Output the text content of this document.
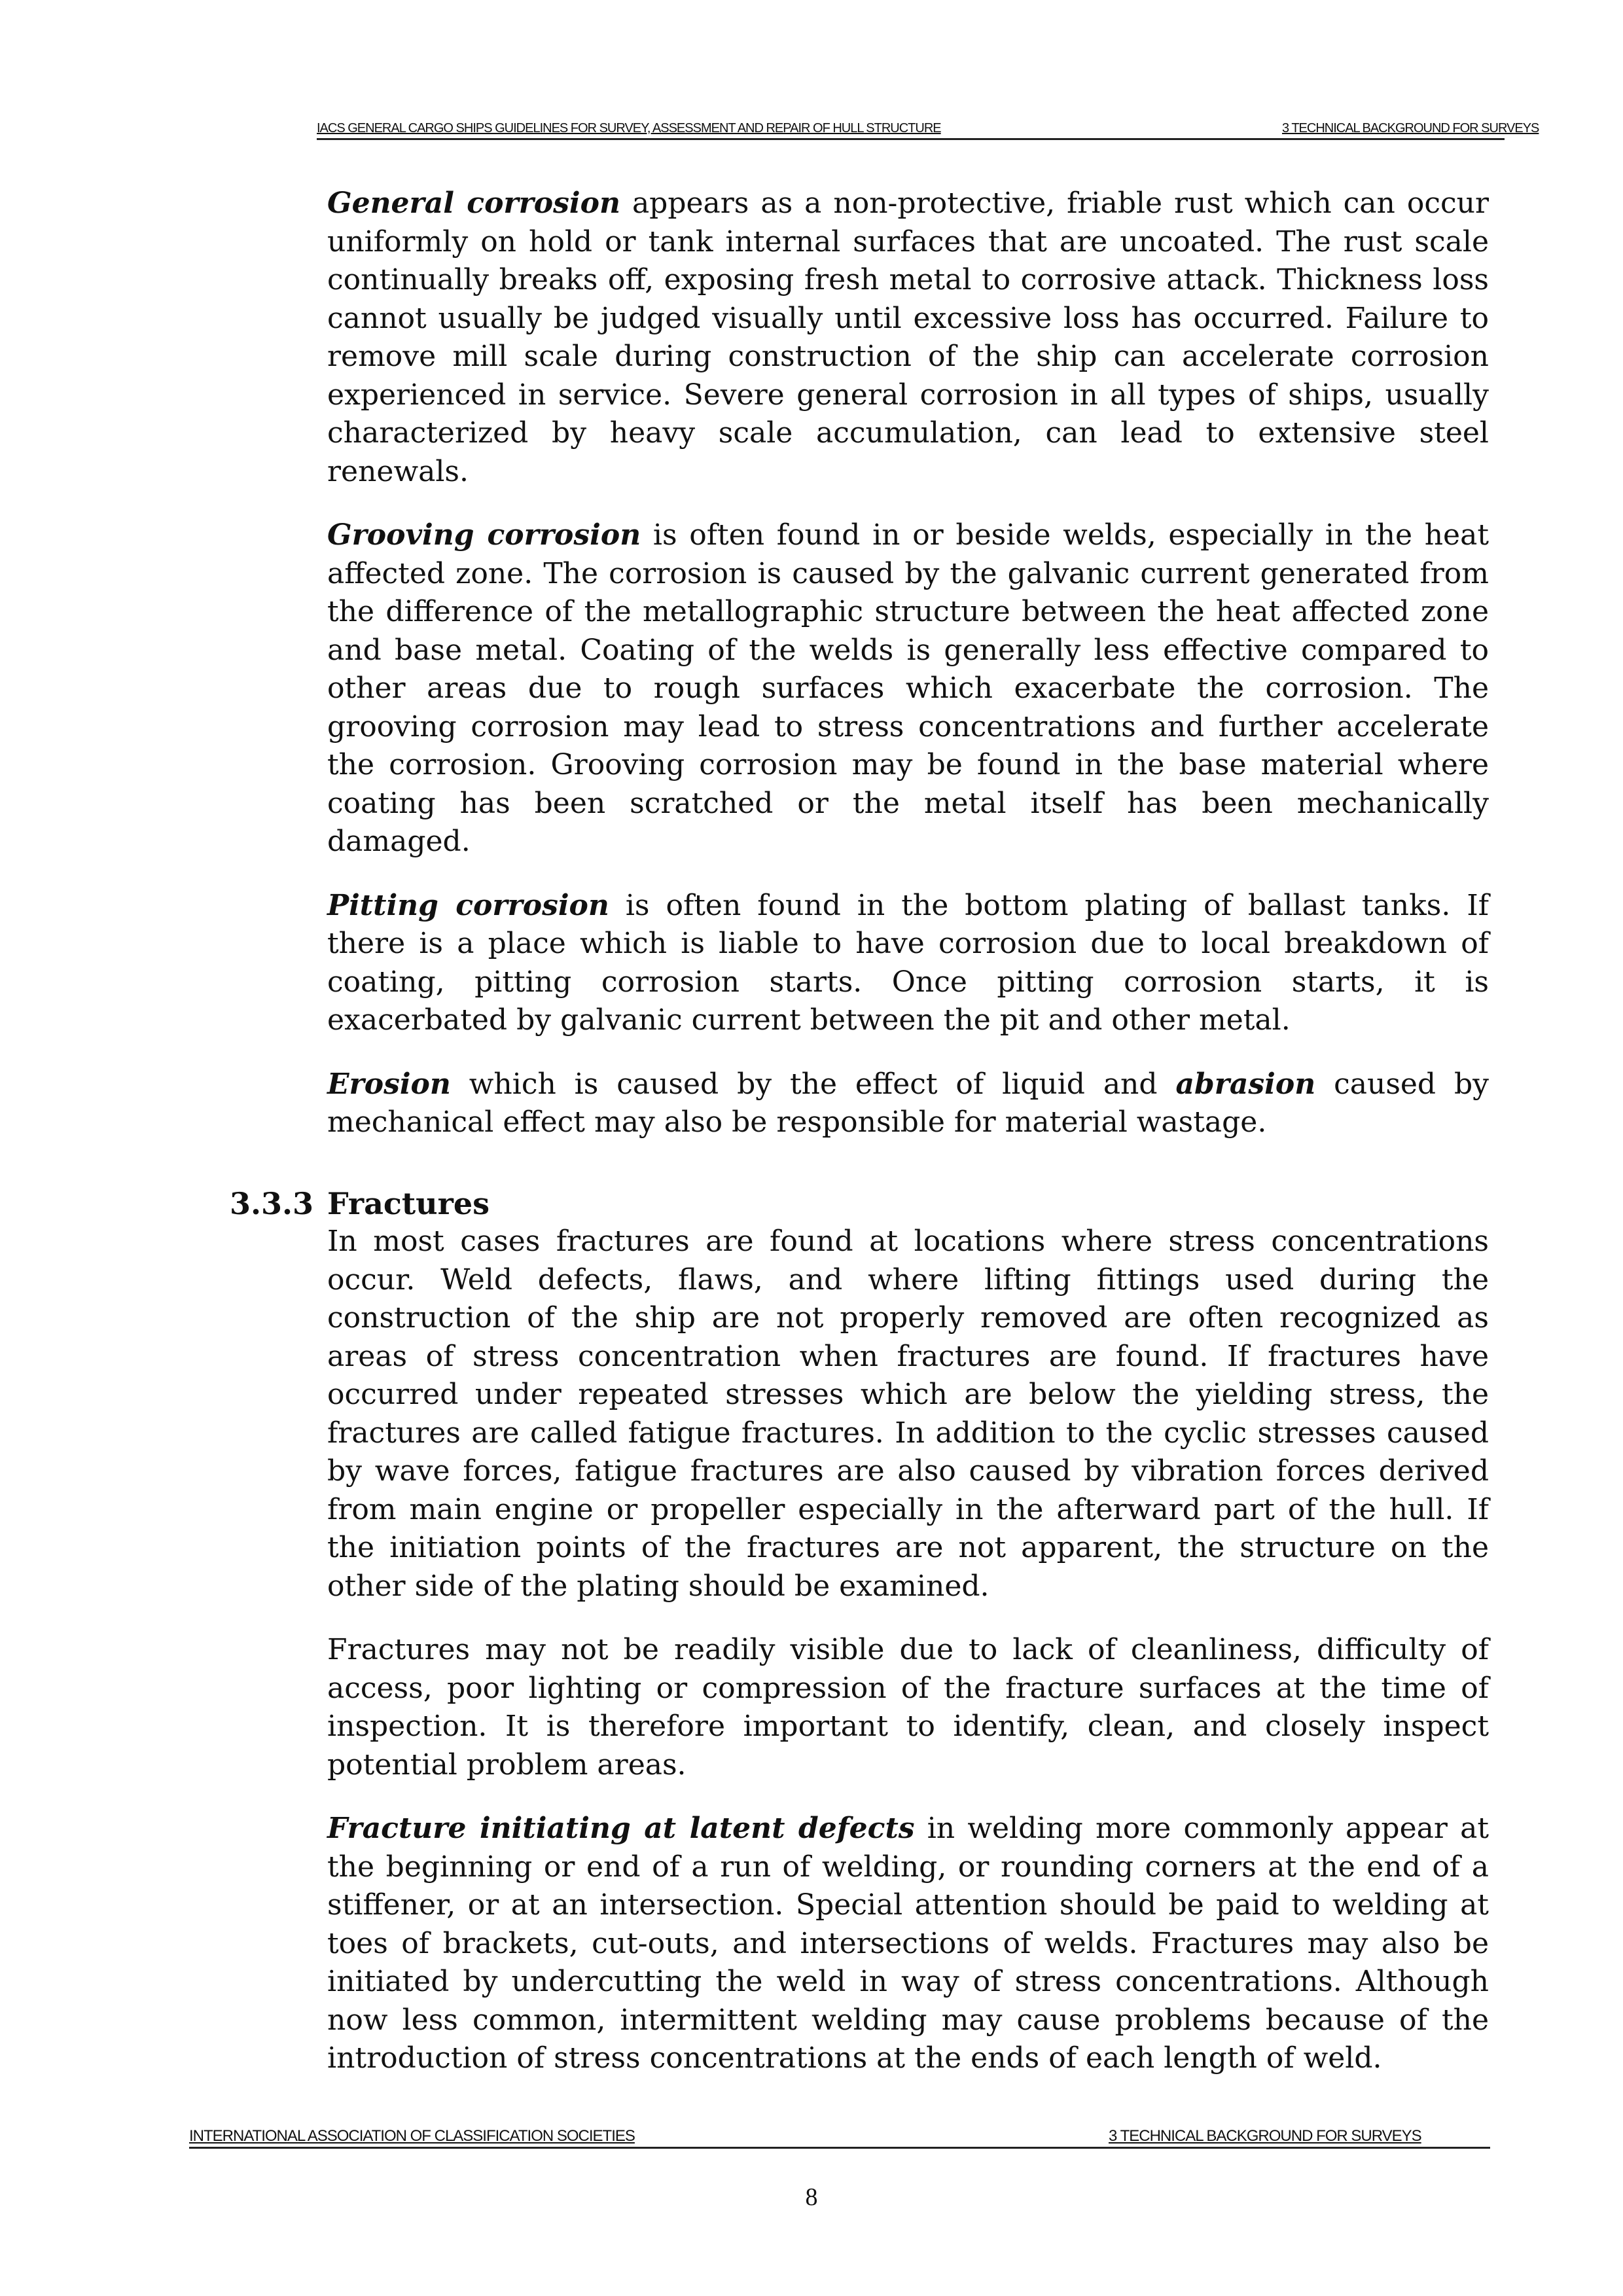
IACS GENERAL CARGO SHIPS GUIDELINES FOR SURVEY, ASSESSMENT AND REPAIR OF HULL STRUCTURE	3 TECHNICAL BACKGROUND FOR SURVEYS

General corrosion appears as a non-protective, friable rust which can occur uniformly on hold or tank internal surfaces that are uncoated. The rust scale continually breaks off, exposing fresh metal to corrosive attack. Thickness loss cannot usually be judged visually until excessive loss has occurred. Failure to remove mill scale during construction of the ship can accelerate corrosion experienced in service. Severe general corrosion in all types of ships, usually characterized by heavy scale accumulation, can lead to extensive steel renewals.

Grooving corrosion is often found in or beside welds, especially in the heat affected zone. The corrosion is caused by the galvanic current generated from the difference of the metallographic structure between the heat affected zone and base metal. Coating of the welds is generally less effective compared to other areas due to rough surfaces which exacerbate the corrosion. The grooving corrosion may lead to stress concentrations and further accelerate the corrosion. Grooving corrosion may be found in the base material where coating has been scratched or the metal itself has been mechanically damaged.

Pitting corrosion is often found in the bottom plating of ballast tanks. If there is a place which is liable to have corrosion due to local breakdown of coating, pitting corrosion starts. Once pitting corrosion starts, it is exacerbated by galvanic current between the pit and other metal.

Erosion which is caused by the effect of liquid and abrasion caused by mechanical effect may also be responsible for material wastage.

3.3.3 Fractures

In most cases fractures are found at locations where stress concentrations occur. Weld defects, flaws, and where lifting fittings used during the construction of the ship are not properly removed are often recognized as areas of stress concentration when fractures are found. If fractures have occurred under repeated stresses which are below the yielding stress, the fractures are called fatigue fractures. In addition to the cyclic stresses caused by wave forces, fatigue fractures are also caused by vibration forces derived from main engine or propeller especially in the afterward part of the hull. If the initiation points of the fractures are not apparent, the structure on the other side of the plating should be examined.

Fractures may not be readily visible due to lack of cleanliness, difficulty of access, poor lighting or compression of the fracture surfaces at the time of inspection. It is therefore important to identify, clean, and closely inspect potential problem areas.

Fracture initiating at latent defects in welding more commonly appear at the beginning or end of a run of welding, or rounding corners at the end of a stiffener, or at an intersection. Special attention should be paid to welding at toes of brackets, cut-outs, and intersections of welds. Fractures may also be initiated by undercutting the weld in way of stress concentrations. Although now less common, intermittent welding may cause problems because of the introduction of stress concentrations at the ends of each length of weld.

INTERNATIONAL ASSOCIATION OF CLASSIFICATION SOCIETIES	3 TECHNICAL BACKGROUND FOR SURVEYS
8
